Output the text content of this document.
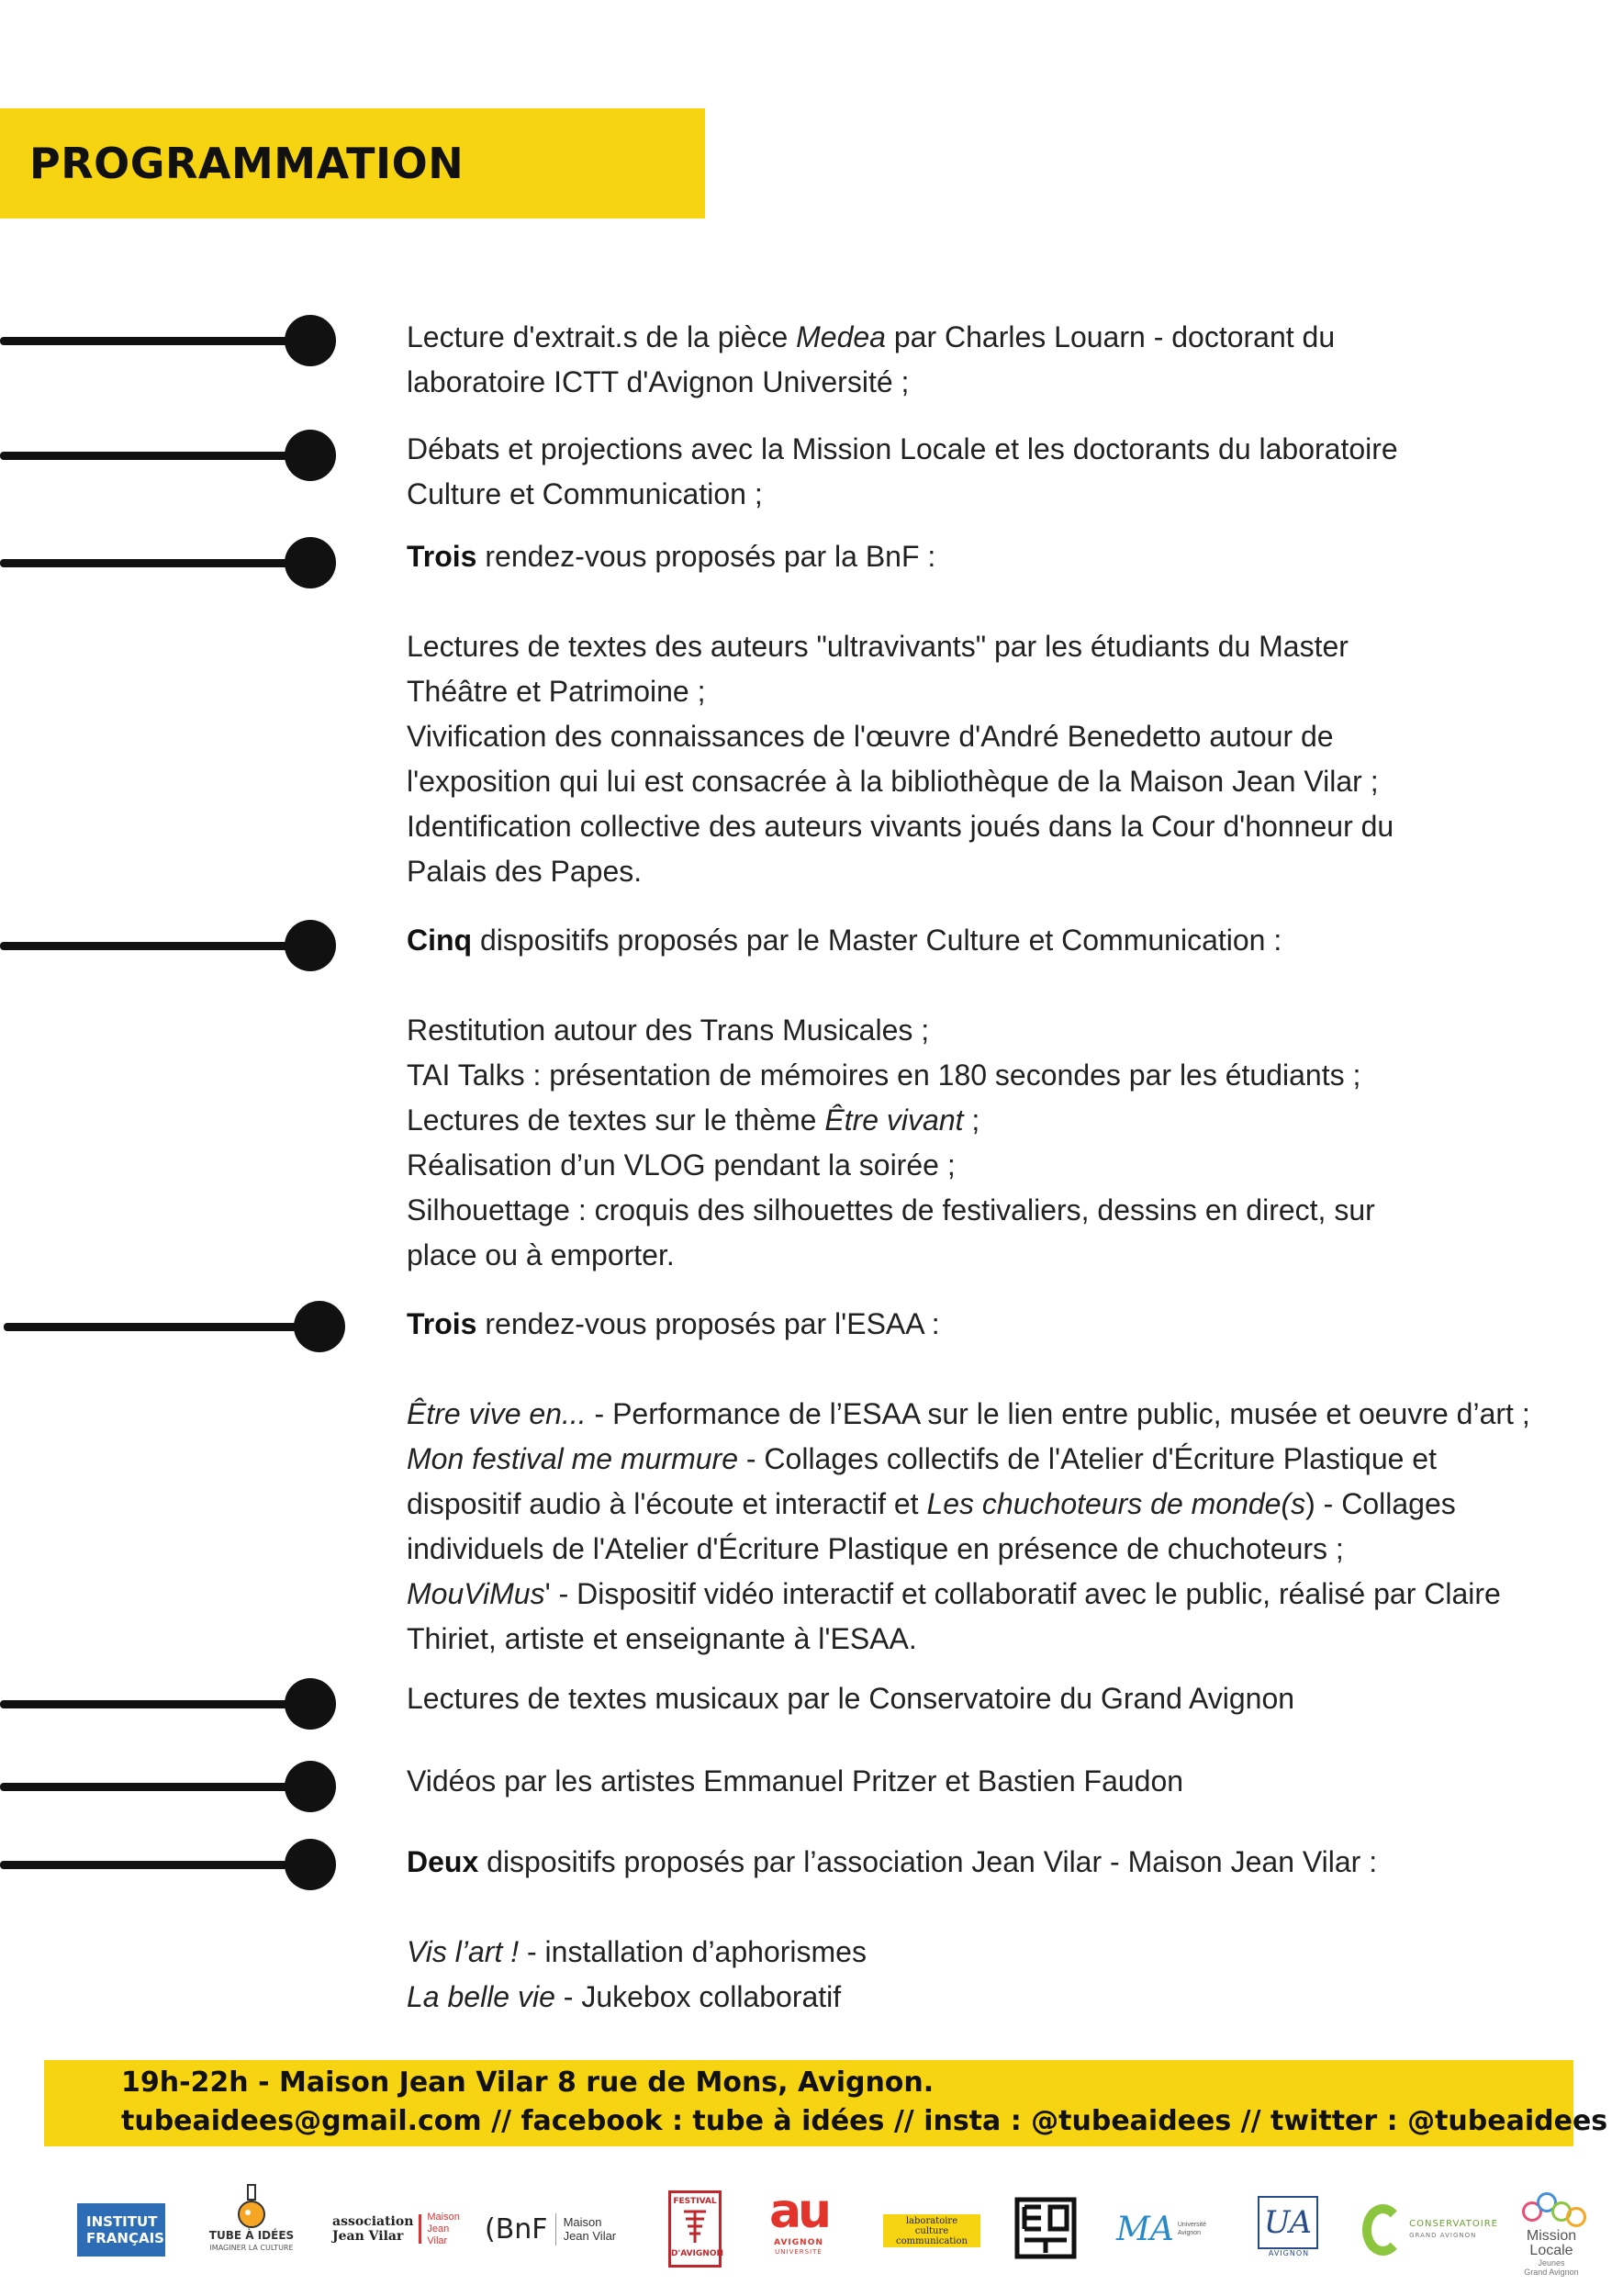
PROGRAMMATION

Lecture d'extrait.s de la pièce Medea par Charles Louarn - doctorant du

laboratoire ICTT d'Avignon Université ;

Débats et projections avec la Mission Locale et les doctorants du laboratoire

Culture et Communication ;

Trois rendez-vous proposés par la BnF :

Lectures de textes des auteurs "ultravivants" par les étudiants du Master

Théâtre et Patrimoine ;

Vivification des connaissances de l'œuvre d'André Benedetto autour de

l'exposition qui lui est consacrée à la bibliothèque de la Maison Jean Vilar ;

Identification collective des auteurs vivants joués dans la Cour d'honneur du

Palais des Papes.

Cinq dispositifs proposés par le Master Culture et Communication :

Restitution autour des Trans Musicales ;

TAI Talks : présentation de mémoires en 180 secondes par les étudiants ;

Lectures de textes sur le thème Être vivant ;

Réalisation d’un VLOG pendant la soirée ;

Silhouettage : croquis des silhouettes de festivaliers, dessins en direct, sur

place ou à emporter.

Trois rendez-vous proposés par l'ESAA :

Être vive en... - Performance de l’ESAA sur le lien entre public, musée et oeuvre d’art ;

Mon festival me murmure - Collages collectifs de l'Atelier d'Écriture Plastique et

dispositif audio à l'écoute et interactif et Les chuchoteurs de monde(s) - Collages

individuels de l'Atelier d'Écriture Plastique en présence de chuchoteurs ;

MouViMus' - Dispositif vidéo interactif et collaboratif avec le public, réalisé par Claire

Thiriet, artiste et enseignante à l'ESAA.

Lectures de textes musicaux par le Conservatoire du Grand Avignon

Vidéos par les artistes Emmanuel Pritzer et Bastien Faudon

Deux dispositifs proposés par l’association Jean Vilar - Maison Jean Vilar :

Vis l’art ! - installation d’aphorismes

La belle vie - Jukebox collaboratif

19h-22h - Maison Jean Vilar 8 rue de Mons, Avignon.
tubeaidees@gmail.com // facebook : tube à idées // insta : @tubeaidees // twitter : @tubeaidees
INSTITUT
FRANÇAIS	TUBE À IDÉES
IMAGINER LA CULTURE
association
Jean Vilar
Maison
Jean Vilar	(BnF	Maison
Jean Vilar
FESTIVAL
D'AVIGNON
au
AVIGNON
UNIVERSITÉ
laboratoire
culture
communication	MA Université Avignon	UA
AVIGNON
CONSERVATOIRE
GRAND AVIGNON	Mission Locale
Jeunes
Grand Avignon
